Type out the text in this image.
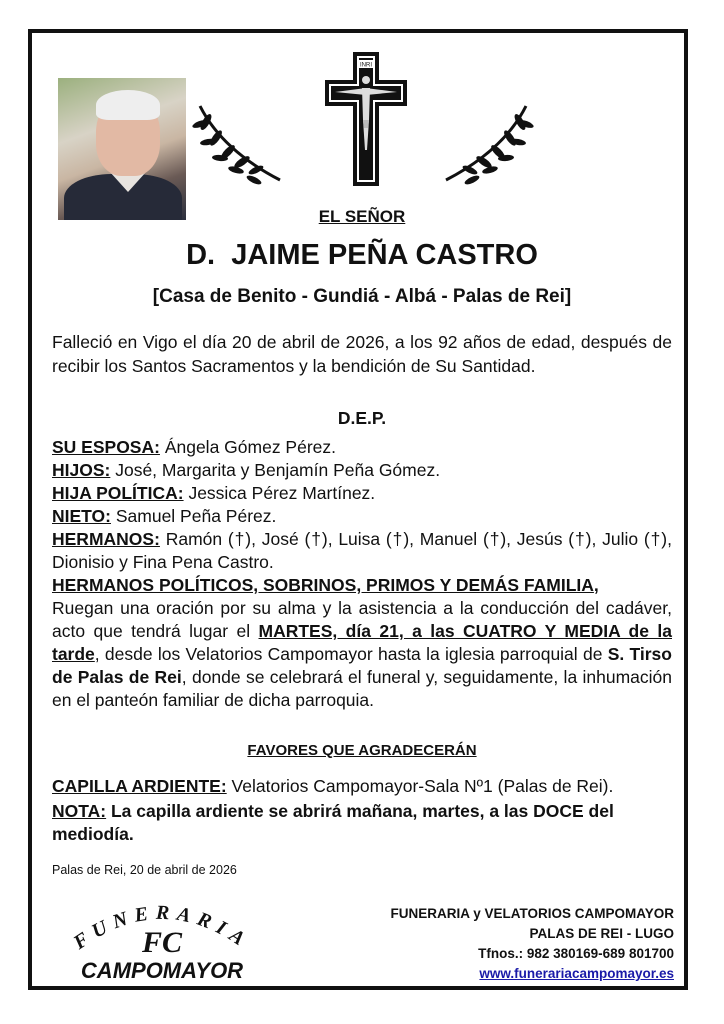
INRI
EL SEÑOR
D.  JAIME PEÑA CASTRO
[Casa de Benito - Gundiá - Albá - Palas de Rei]
Falleció en Vigo el día 20 de abril de 2026, a los 92 años de edad, después de recibir los Santos Sacramentos y la bendición de Su Santidad.
D.E.P.
SU ESPOSA: Ángela Gómez Pérez.
HIJOS: José, Margarita y Benjamín Peña Gómez.
HIJA POLÍTICA: Jessica Pérez Martínez.
NIETO: Samuel Peña Pérez.
HERMANOS: Ramón (†), José (†), Luisa (†), Manuel (†), Jesús (†), Julio (†), Dionisio y Fina Pena Castro.
HERMANOS POLÍTICOS, SOBRINOS, PRIMOS Y DEMÁS FAMILIA,
Ruegan una oración por su alma y la asistencia a la conducción del cadáver, acto que tendrá lugar el MARTES, día 21, a las CUATRO Y MEDIA de la tarde, desde los Velatorios Campomayor hasta la iglesia parroquial de S. Tirso de Palas de Rei, donde se celebrará el funeral y, seguidamente, la inhumación en el panteón familiar de dicha parroquia.
FAVORES QUE AGRADECERÁN
CAPILLA ARDIENTE: Velatorios Campomayor-Sala Nº1 (Palas de Rei).
NOTA: La capilla ardiente se abrirá mañana, martes, a las DOCE del mediodía.
Palas de Rei, 20 de abril de 2026
FUNERARIA
FC
CAMPOMAYOR
FUNERARIA y VELATORIOS CAMPOMAYOR
PALAS DE REI - LUGO
Tfnos.: 982 380169-689 801700
www.funerariacampomayor.es
